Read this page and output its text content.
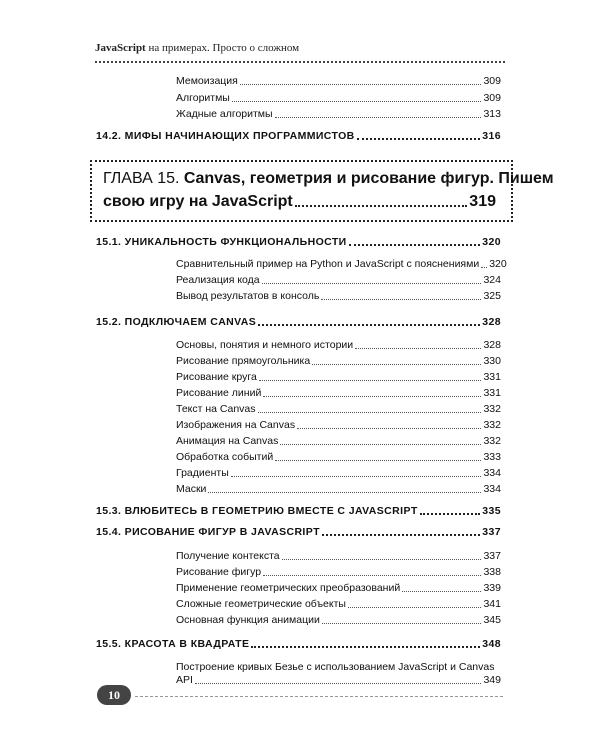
JavaScript на примерах. Просто о сложном
Мемоизация	309
Алгоритмы	309
Жадные алгоритмы	313
14.2. МИФЫ НАЧИНАЮЩИХ ПРОГРАММИСТОВ	316
ГЛАВА 15. Canvas, геометрия и рисование фигур. Пишем
свою игру на JavaScript	319
15.1. УНИКАЛЬНОСТЬ ФУНКЦИОНАЛЬНОСТИ	320
Сравнительный пример на Python и JavaScript с пояснениями 320
Реализация кода	324
Вывод результатов в консоль	325
15.2. ПОДКЛЮЧАЕМ CANVAS	328
Основы, понятия и немного истории	328
Рисование прямоугольника	330
Рисование круга	331
Рисование линий	331
Текст на Canvas	332
Изображения на Canvas	332
Анимация на Canvas	332
Обработка событий	333
Градиенты	334
Маски	334
15.3. ВЛЮБИТЕСЬ В ГЕОМЕТРИЮ ВМЕСТЕ С JAVASCRIPT	335
15.4. РИСОВАНИЕ ФИГУР В JAVASCRIPT	337
Получение контекста	337
Рисование фигур	338
Применение геометрических преобразований	339
Сложные геометрические объекты	341
Основная функция анимации	345
15.5. КРАСОТА В КВАДРАТЕ	348
Построение кривых Безье с использованием JavaScript и Canvas
API	349
10
